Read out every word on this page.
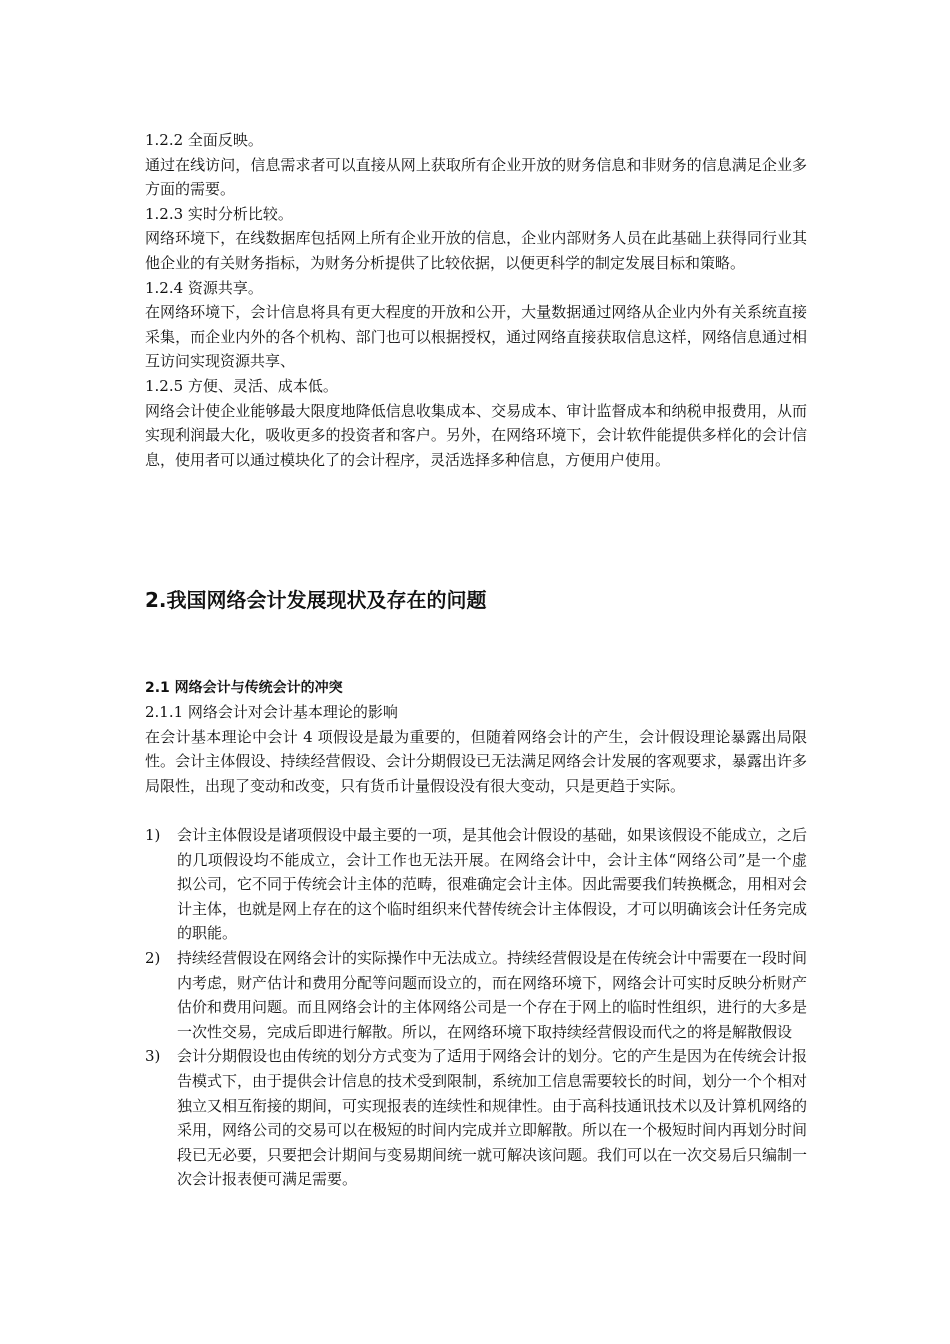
1.2.2 全面反映。
通过在线访问，信息需求者可以直接从网上获取所有企业开放的财务信息和非财务的信息满足企业多方面的需要。
1.2.3 实时分析比较。
网络环境下，在线数据库包括网上所有企业开放的信息，企业内部财务人员在此基础上获得同行业其他企业的有关财务指标，为财务分析提供了比较依据，以便更科学的制定发展目标和策略。
1.2.4 资源共享。
在网络环境下，会计信息将具有更大程度的开放和公开，大量数据通过网络从企业内外有关系统直接采集，而企业内外的各个机构、部门也可以根据授权，通过网络直接获取信息这样，网络信息通过相互访问实现资源共享、
1.2.5 方便、灵活、成本低。
网络会计使企业能够最大限度地降低信息收集成本、交易成本、审计监督成本和纳税申报费用，从而实现利润最大化，吸收更多的投资者和客户。另外，在网络环境下，会计软件能提供多样化的会计信息，使用者可以通过模块化了的会计程序，灵活选择多种信息，方便用户使用。
2.我国网络会计发展现状及存在的问题
2.1 网络会计与传统会计的冲突
2.1.1 网络会计对会计基本理论的影响
在会计基本理论中会计 4 项假设是最为重要的，但随着网络会计的产生，会计假设理论暴露出局限性。会计主体假设、持续经营假设、会计分期假设已无法满足网络会计发展的客观要求，暴露出许多局限性，出现了变动和改变，只有货币计量假设没有很大变动，只是更趋于实际。
1) 会计主体假设是诸项假设中最主要的一项，是其他会计假设的基础，如果该假设不能成立，之后的几项假设均不能成立，会计工作也无法开展。在网络会计中，会计主体“网络公司”是一个虚拟公司，它不同于传统会计主体的范畴，很难确定会计主体。因此需要我们转换概念，用相对会计主体，也就是网上存在的这个临时组织来代替传统会计主体假设，才可以明确该会计任务完成的职能。
2) 持续经营假设在网络会计的实际操作中无法成立。持续经营假设是在传统会计中需要在一段时间内考虑，财产估计和费用分配等问题而设立的，而在网络环境下，网络会计可实时反映分析财产估价和费用问题。而且网络会计的主体网络公司是一个存在于网上的临时性组织，进行的大多是一次性交易，完成后即进行解散。所以，在网络环境下取持续经营假设而代之的将是解散假设
3) 会计分期假设也由传统的划分方式变为了适用于网络会计的划分。它的产生是因为在传统会计报告模式下，由于提供会计信息的技术受到限制，系统加工信息需要较长的时间，划分一个个相对独立又相互衔接的期间，可实现报表的连续性和规律性。由于高科技通讯技术以及计算机网络的采用，网络公司的交易可以在极短的时间内完成并立即解散。所以在一个极短时间内再划分时间段已无必要，只要把会计期间与变易期间统一就可解决该问题。我们可以在一次交易后只编制一次会计报表便可满足需要。
